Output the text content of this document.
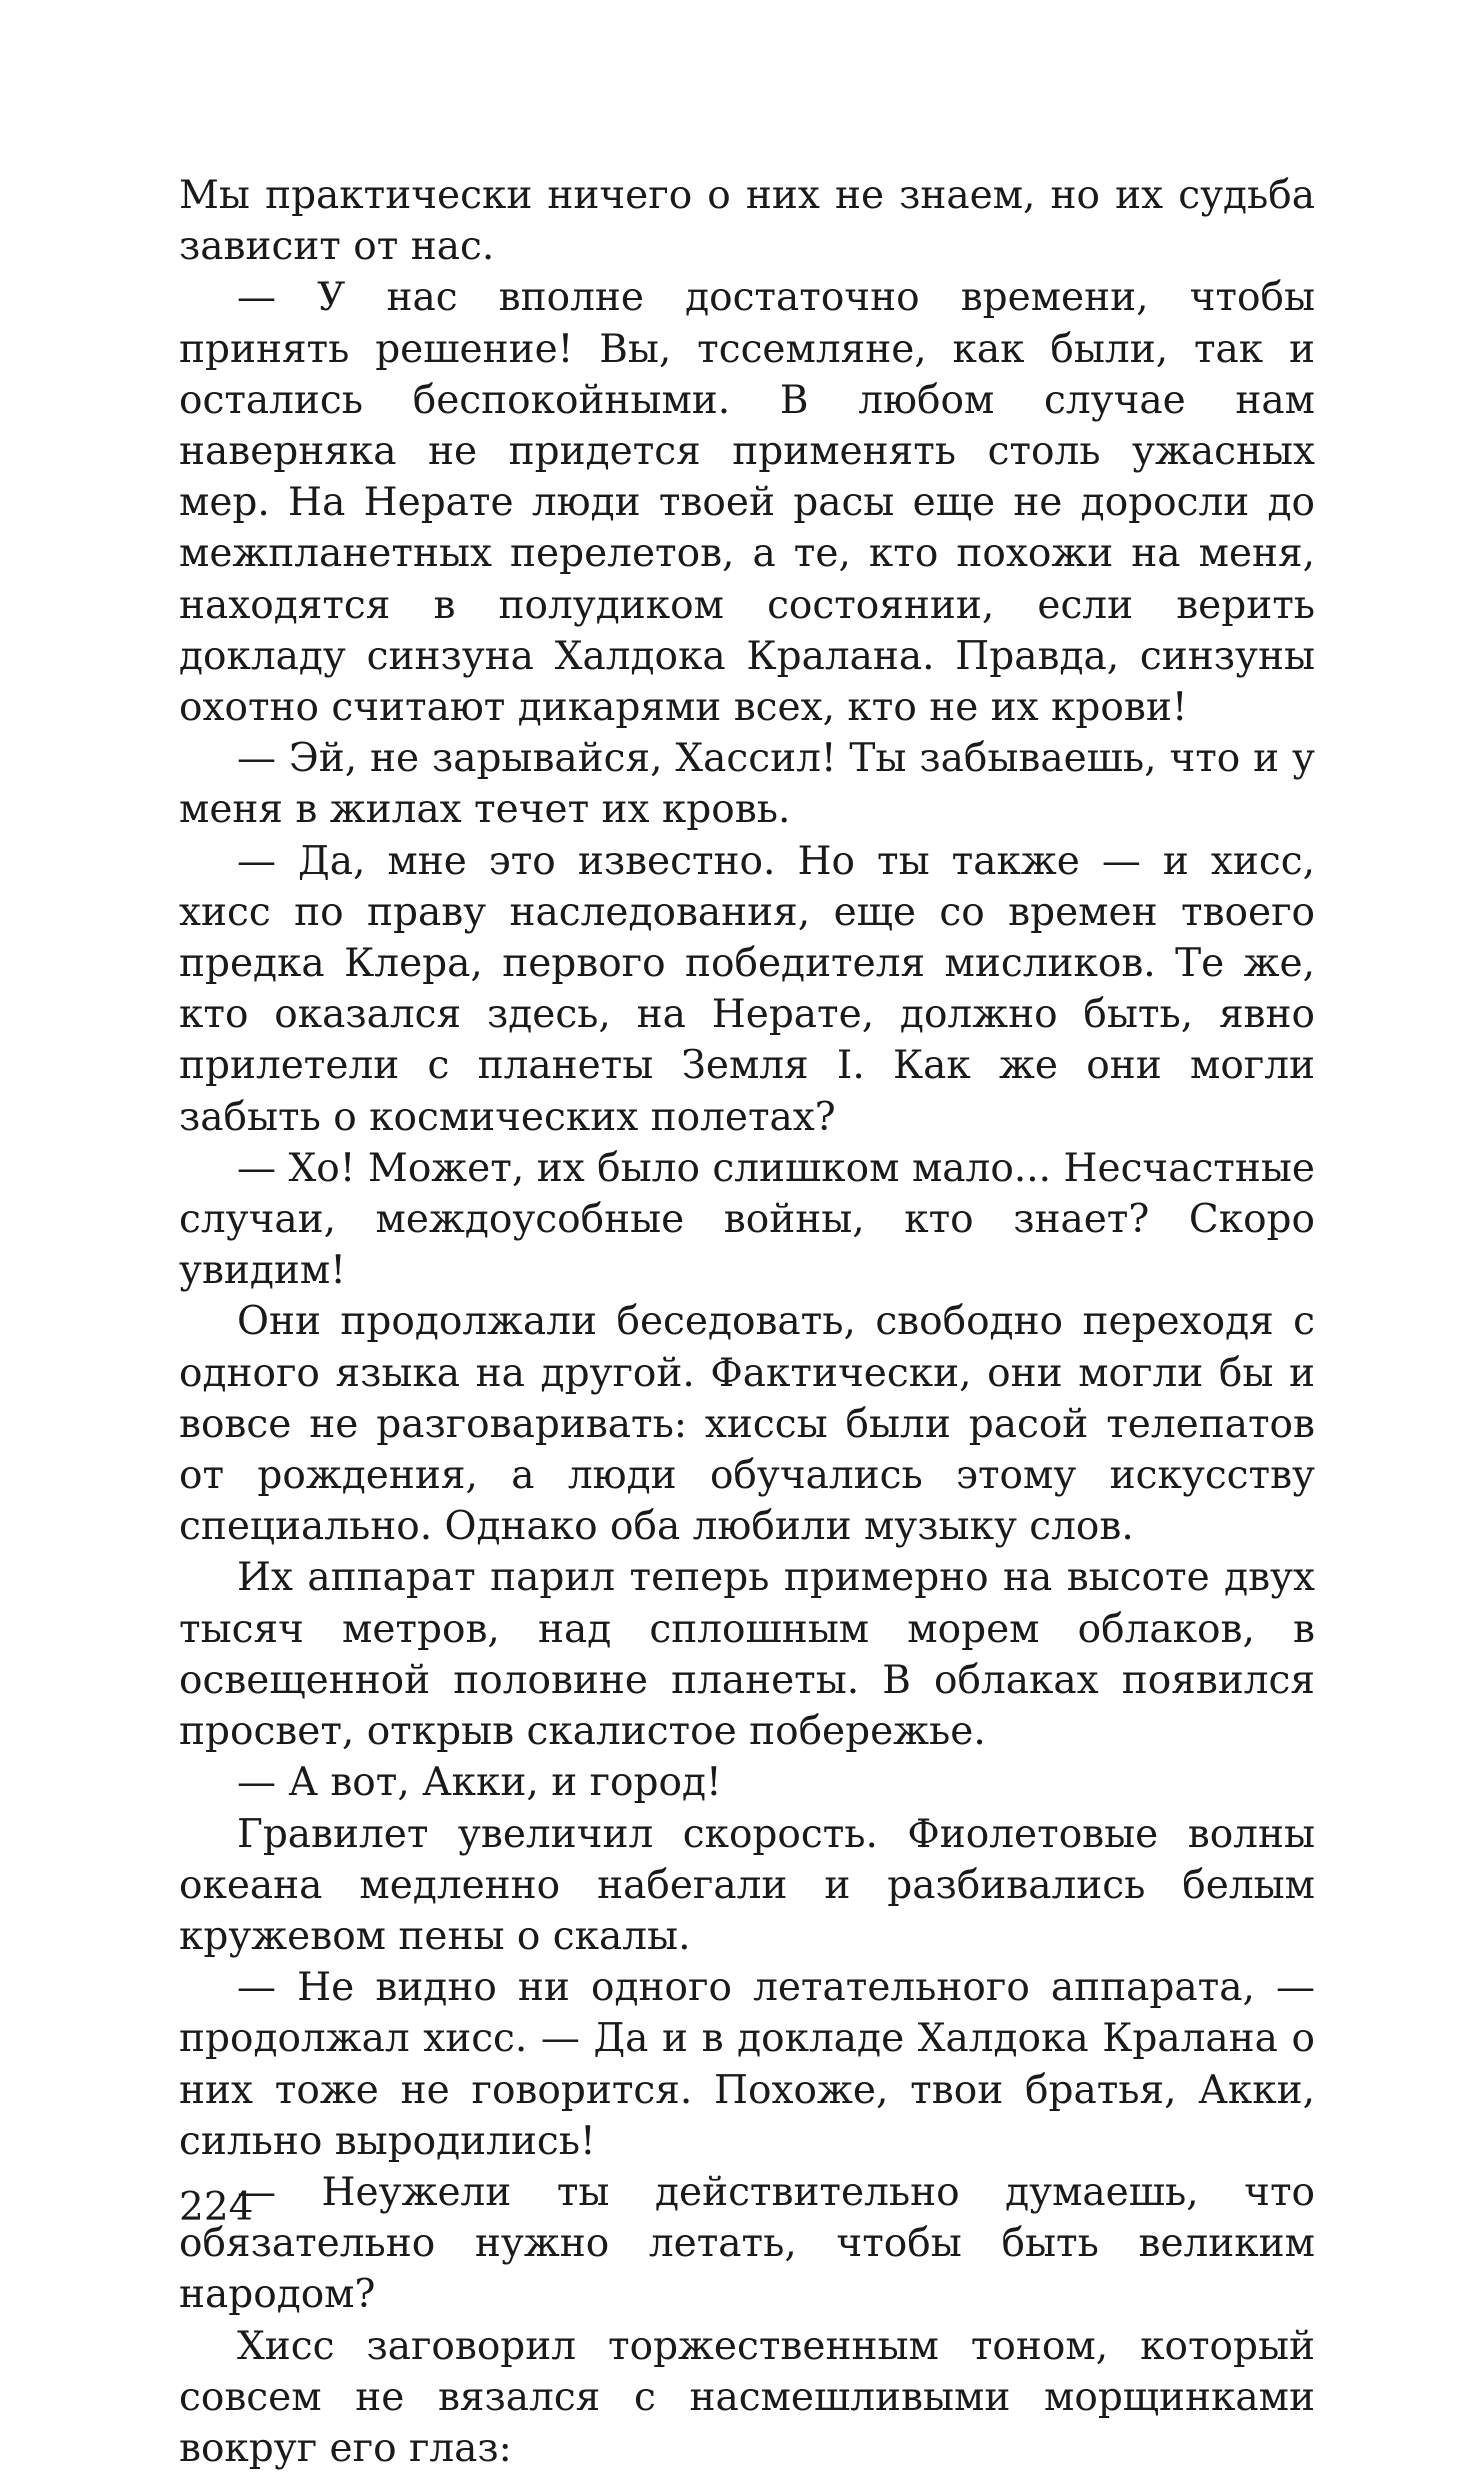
Мы практически ничего о них не знаем, но их судьба зависит от нас.

— У нас вполне достаточно времени, чтобы принять решение! Вы, тссемляне, как были, так и остались беспокойными. В любом случае нам наверняка не придется применять столь ужасных мер. На Нерате люди твоей расы еще не доросли до межпланетных перелетов, а те, кто похожи на меня, находятся в полудиком состоянии, если верить докладу синзуна Халдока Кралана. Правда, синзуны охотно считают дикарями всех, кто не их крови!

— Эй, не зарывайся, Хассил! Ты забываешь, что и у меня в жилах течет их кровь.

— Да, мне это известно. Но ты также — и хисс, хисс по праву наследования, еще со времен твоего предка Клера, первого победителя мисликов. Те же, кто оказался здесь, на Нерате, должно быть, явно прилетели с планеты Земля I. Как же они могли забыть о космических полетах?

— Хо! Может, их было слишком мало... Несчастные случаи, междоусобные войны, кто знает? Скоро увидим!

Они продолжали беседовать, свободно переходя с одного языка на другой. Фактически, они могли бы и вовсе не разговаривать: хиссы были расой телепатов от рождения, а люди обучались этому искусству специально. Однако оба любили музыку слов.

Их аппарат парил теперь примерно на высоте двух тысяч метров, над сплошным морем облаков, в освещенной половине планеты. В облаках появился просвет, открыв скалистое побережье.

— А вот, Акки, и город!

Гравилет увеличил скорость. Фиолетовые волны океана медленно набегали и разбивались белым кружевом пены о скалы.

— Не видно ни одного летательного аппарата, — продолжал хисс. — Да и в докладе Халдока Кралана о них тоже не говорится. Похоже, твои братья, Акки, сильно выродились!

— Неужели ты действительно думаешь, что обязательно нужно летать, чтобы быть великим народом?

Хисс заговорил торжественным тоном, который совсем не вязался с насмешливыми морщинками вокруг его глаз:

224
